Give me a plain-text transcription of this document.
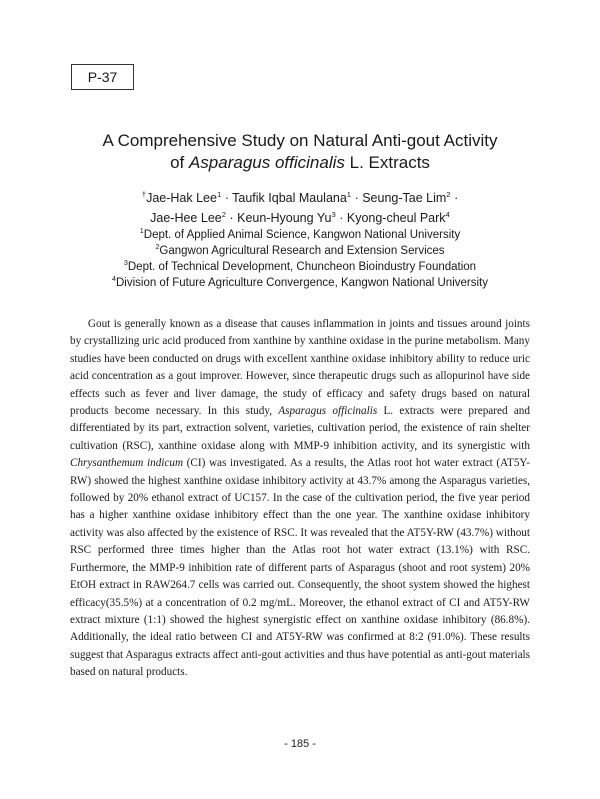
P-37
A Comprehensive Study on Natural Anti-gout Activity
of Asparagus officinalis L. Extracts
†Jae-Hak Lee$^1$ · Taufik Iqbal Maulana$^1$ · Seung-Tae Lim$^2$ ·
Jae-Hee Lee$^2$ · Keun-Hyoung $Yu^3$ · Kyong-cheul Park$^4$
$^1$Dept. of Applied Animal Science, Kangwon National University
$^2$Gangwon Agricultural Research and Extension Services
$^3$Dept. of Technical Development, Chuncheon Bioindustry Foundation
$^4$Division of Future Agriculture Convergence, Kangwon National University

Gout is generally known as a disease that causes inflammation in joints and tissues around joints by crystallizing uric acid produced from xanthine by xanthine oxidase in the purine metabolism. Many studies have been conducted on drugs with excellent xanthine oxidase inhibitory ability to reduce uric acid concentration as a gout improver. However, since therapeutic drugs such as allopurinol have side effects such as fever and liver damage, the study of efficacy and safety drugs based on natural products become necessary. In this study, Asparagus officinalis L. extracts were prepared and differentiated by its part, extraction solvent, varieties, cultivation period, the existence of rain shelter cultivation (RSC), xanthine oxidase along with MMP-9 inhibition activity, and its synergistic with Chrysanthemum indicum (CI) was investigated. As a results, the Atlas root hot water extract (AT5Y-RW) showed the highest xanthine oxidase inhibitory activity at 43.7% among the Asparagus varieties, followed by 20% ethanol extract of UC157. In the case of the cultivation period, the five year period has a higher xanthine oxidase inhibitory effect than the one year. The xanthine oxidase inhibitory activity was also affected by the existence of RSC. It was revealed that the AT5Y-RW (43.7%) without RSC performed three times higher than the Atlas root hot water extract (13.1%) with RSC. Furthermore, the MMP-9 inhibition rate of different parts of Asparagus (shoot and root system) 20% EtOH extract in RAW264.7 cells was carried out. Consequently, the shoot system showed the highest efficacy(35.5%) at a concentration of 0.2 mg/mL. Moreover, the ethanol extract of CI and AT5Y-RW extract mixture (1:1) showed the highest synergistic effect on xanthine oxidase inhibitory (86.8%). Additionally, the ideal ratio between CI and AT5Y-RW was confirmed at 8:2 (91.0%). These results suggest that Asparagus extracts affect anti-gout activities and thus have potential as anti-gout materials based on natural products.

- 185 -
